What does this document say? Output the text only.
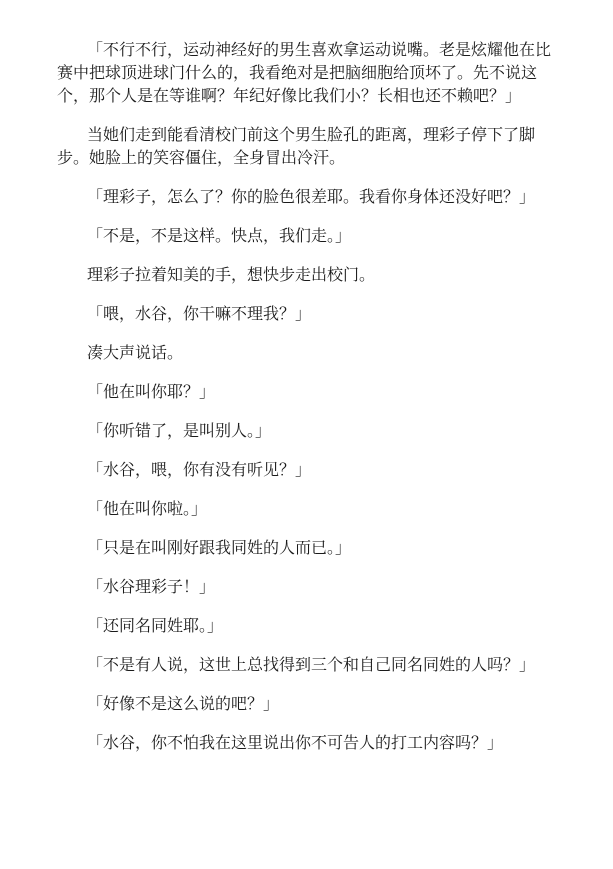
「不行不行，运动神经好的男生喜欢拿运动说嘴。老是炫耀他在比赛中把球顶进球门什么的，我看绝对是把脑细胞给顶坏了。先不说这个，那个人是在等谁啊？年纪好像比我们小？长相也还不赖吧？」

当她们走到能看清校门前这个男生脸孔的距离，理彩子停下了脚步。她脸上的笑容僵住，全身冒出冷汗。

「理彩子，怎么了？你的脸色很差耶。我看你身体还没好吧？」

「不是，不是这样。快点，我们走。」

理彩子拉着知美的手，想快步走出校门。

「喂，水谷，你干嘛不理我？」

凑大声说话。

「他在叫你耶？」

「你听错了，是叫别人。」

「水谷，喂，你有没有听见？」

「他在叫你啦。」

「只是在叫刚好跟我同姓的人而已。」

「水谷理彩子！」

「还同名同姓耶。」

「不是有人说，这世上总找得到三个和自己同名同姓的人吗？」

「好像不是这么说的吧？」

「水谷，你不怕我在这里说出你不可告人的打工内容吗？」
